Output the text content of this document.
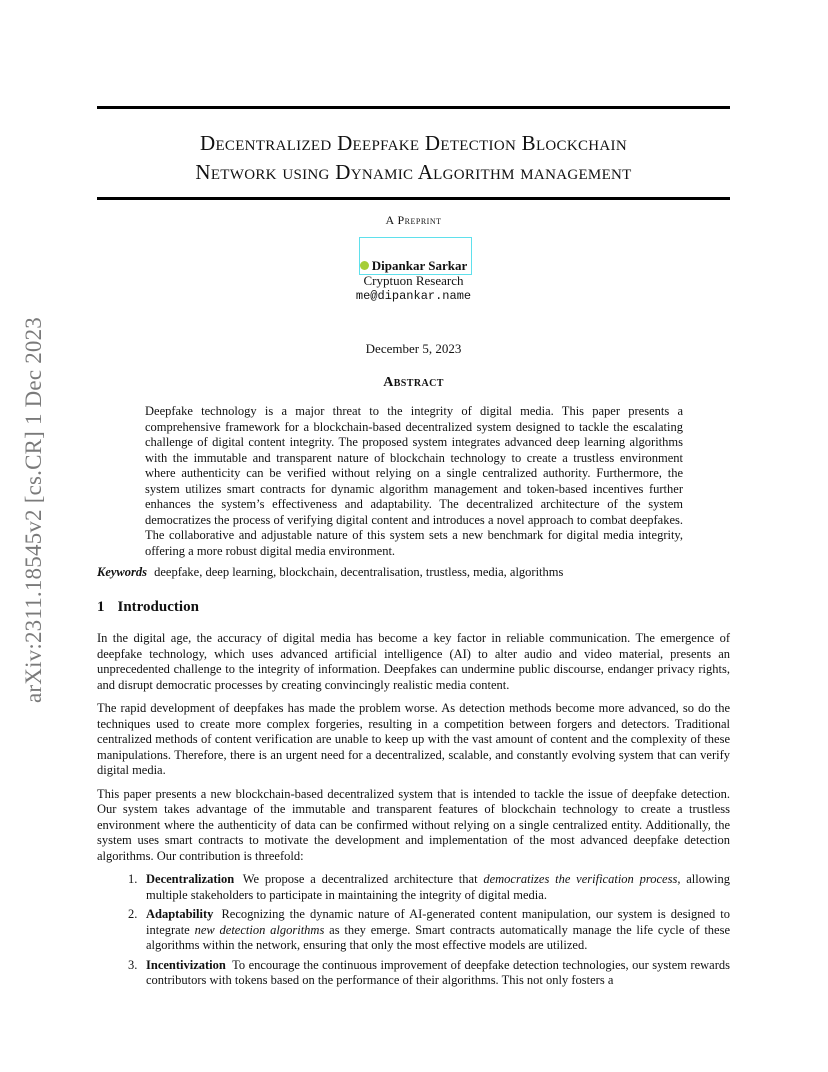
arXiv:2311.18545v2 [cs.CR] 1 Dec 2023
Decentralized Deepfake Detection Blockchain
Network using Dynamic Algorithm management
A Preprint
Dipankar Sarkar
Cryptuon Research
me@dipankar.name
December 5, 2023
Abstract
Deepfake technology is a major threat to the integrity of digital media. This paper presents a comprehensive framework for a blockchain-based decentralized system designed to tackle the escalating challenge of digital content integrity. The proposed system integrates advanced deep learning algorithms with the immutable and transparent nature of blockchain technology to create a trustless environment where authenticity can be verified without relying on a single centralized authority. Furthermore, the system utilizes smart contracts for dynamic algorithm management and token-based incentives further enhances the system’s effectiveness and adaptability. The decentralized architecture of the system democratizes the process of verifying digital content and introduces a novel approach to combat deepfakes. The collaborative and adjustable nature of this system sets a new benchmark for digital media integrity, offering a more robust digital media environment.
Keywords deepfake, deep learning, blockchain, decentralisation, trustless, media, algorithms
1 Introduction

In the digital age, the accuracy of digital media has become a key factor in reliable communication. The emergence of deepfake technology, which uses advanced artificial intelligence (AI) to alter audio and video material, presents an unprecedented challenge to the integrity of information. Deepfakes can undermine public discourse, endanger privacy rights, and disrupt democratic processes by creating convincingly realistic media content.

The rapid development of deepfakes has made the problem worse. As detection methods become more advanced, so do the techniques used to create more complex forgeries, resulting in a competition between forgers and detectors. Traditional centralized methods of content verification are unable to keep up with the vast amount of content and the complexity of these manipulations. Therefore, there is an urgent need for a decentralized, scalable, and constantly evolving system that can verify digital media.

This paper presents a new blockchain-based decentralized system that is intended to tackle the issue of deepfake detection. Our system takes advantage of the immutable and transparent features of blockchain technology to create a trustless environment where the authenticity of data can be confirmed without relying on a single centralized entity. Additionally, the system uses smart contracts to motivate the development and implementation of the most advanced deepfake detection algorithms. Our contribution is threefold:

1. Decentralization We propose a decentralized architecture that democratizes the verification process, allowing multiple stakeholders to participate in maintaining the integrity of digital media.
2. Adaptability Recognizing the dynamic nature of AI-generated content manipulation, our system is designed to integrate new detection algorithms as they emerge. Smart contracts automatically manage the life cycle of these algorithms within the network, ensuring that only the most effective models are utilized.
3. Incentivization To encourage the continuous improvement of deepfake detection technologies, our system rewards contributors with tokens based on the performance of their algorithms. This not only fosters a
